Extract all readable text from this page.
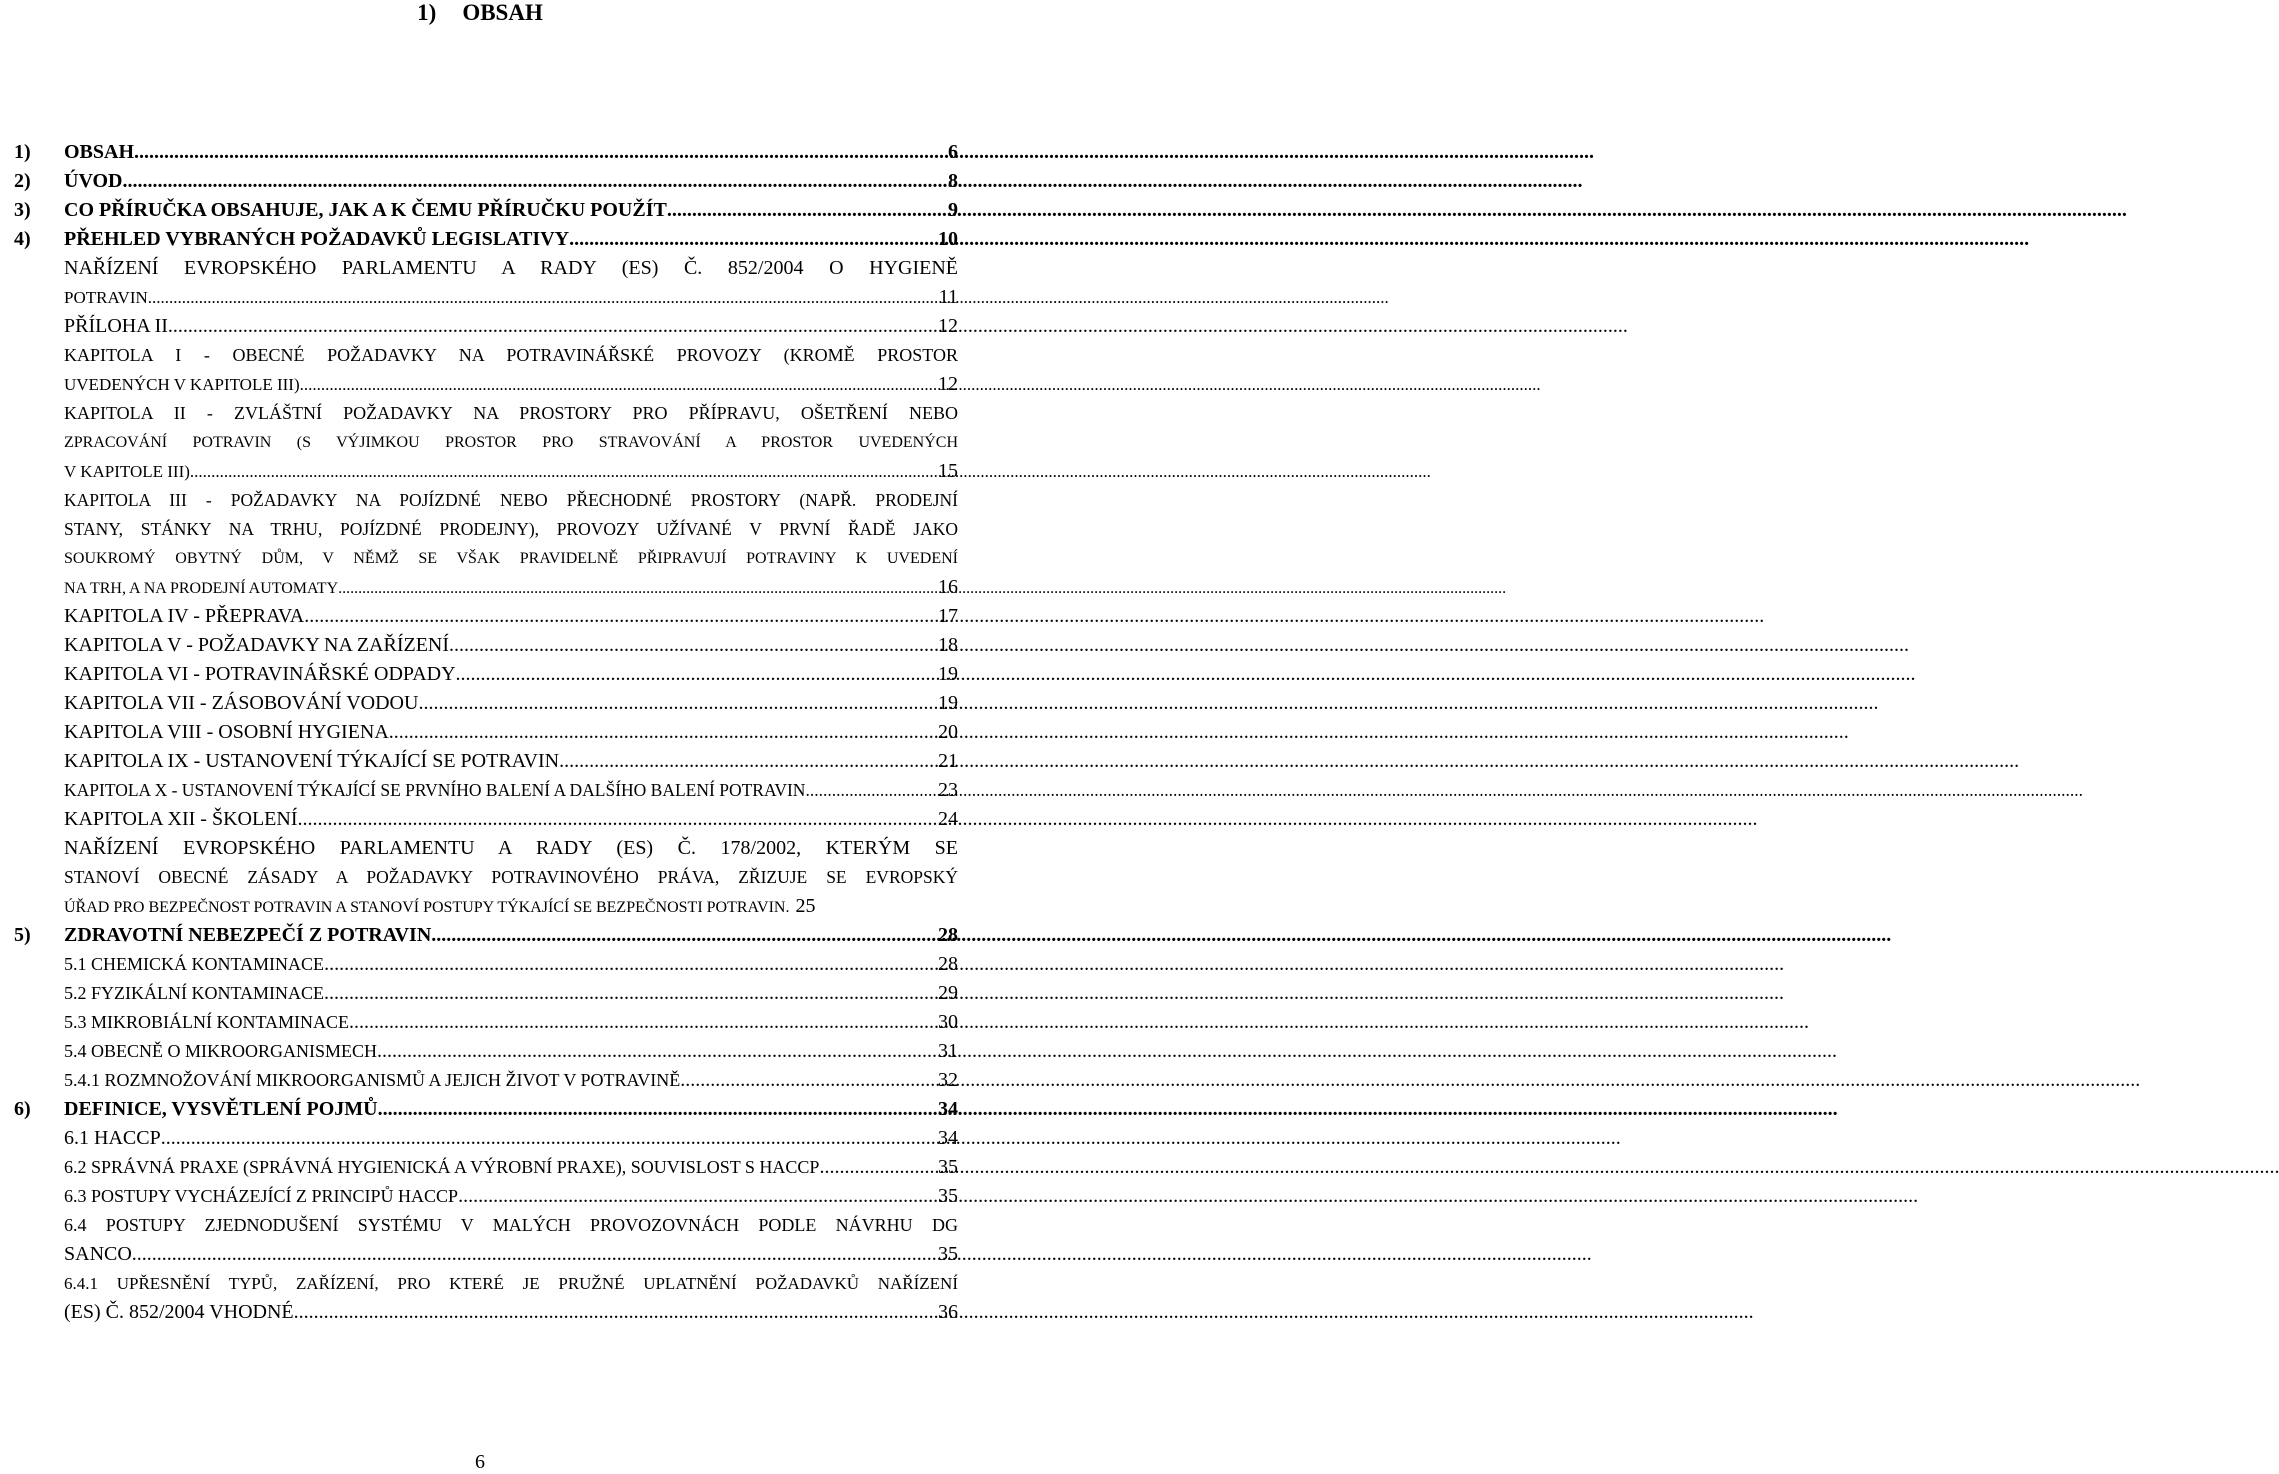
1) OBSAH
1)	OBSAH .....	6
2)	ÚVOD .....	8
3)	CO PŘÍRUČKA OBSAHUJE, JAK A K ČEMU PŘÍRUČKU POUŽÍT .....	9
4)	PŘEHLED VYBRANÝCH POŽADAVKŮ LEGISLATIVY .....	10
NAŘÍZENÍ EVROPSKÉHO PARLAMENTU A RADY (ES) Č. 852/2004 O HYGIENĚ
POTRAVIN .....	11
PŘÍLOHA II .....	12
KAPITOLA I - OBECNÉ POŽADAVKY NA POTRAVINÁŘSKÉ PROVOZY (KROMĚ PROSTOR
UVEDENÝCH V KAPITOLE III) .....	12
KAPITOLA II - ZVLÁŠTNÍ POŽADAVKY NA PROSTORY PRO PŘÍPRAVU, OŠETŘENÍ NEBO
ZPRACOVÁNÍ POTRAVIN (S VÝJIMKOU PROSTOR PRO STRAVOVÁNÍ A PROSTOR UVEDENÝCH
V KAPITOLE III) .....	15
KAPITOLA III - POŽADAVKY NA POJÍZDNÉ NEBO PŘECHODNÉ PROSTORY (NAPŘ. PRODEJNÍ
STANY, STÁNKY NA TRHU, POJÍZDNÉ PRODEJNY), PROVOZY UŽÍVANÉ V PRVNÍ ŘADĚ JAKO
SOUKROMÝ OBYTNÝ DŮM, V NĚMŽ SE VŠAK PRAVIDELNĚ PŘIPRAVUJÍ POTRAVINY K UVEDENÍ
NA TRH, A NA PRODEJNÍ AUTOMATY .....	16
KAPITOLA IV - PŘEPRAVA .....	17
KAPITOLA V - POŽADAVKY NA ZAŘÍZENÍ .....	18
KAPITOLA VI - POTRAVINÁŘSKÉ ODPADY .....	19
KAPITOLA VII - ZÁSOBOVÁNÍ VODOU .....	19
KAPITOLA VIII - OSOBNÍ HYGIENA .....	20
KAPITOLA IX - USTANOVENÍ TÝKAJÍCÍ SE POTRAVIN .....	21
KAPITOLA X - USTANOVENÍ TÝKAJÍCÍ SE PRVNÍHO BALENÍ A DALŠÍHO BALENÍ POTRAVIN .....	23
KAPITOLA XII - ŠKOLENÍ .....	24
NAŘÍZENÍ EVROPSKÉHO PARLAMENTU A RADY (ES) Č. 178/2002, KTERÝM SE
STANOVÍ OBECNÉ ZÁSADY A POŽADAVKY POTRAVINOVÉHO PRÁVA, ZŘIZUJE SE EVROPSKÝ
ÚŘAD PRO BEZPEČNOST POTRAVIN A STANOVÍ POSTUPY TÝKAJÍCÍ SE BEZPEČNOSTI POTRAVIN. 25
5)	ZDRAVOTNÍ NEBEZPEČÍ Z POTRAVIN .....	28
5.1 CHEMICKÁ KONTAMINACE .....	28
5.2 FYZIKÁLNÍ KONTAMINACE .....	29
5.3 MIKROBIÁLNÍ KONTAMINACE .....	30
5.4 OBECNĚ O MIKROORGANISMECH .....	31
5.4.1 ROZMNOŽOVÁNÍ MIKROORGANISMŮ A JEJICH ŽIVOT V POTRAVINĚ .....	32
6)	DEFINICE, VYSVĚTLENÍ POJMŮ .....	34
6.1 HACCP .....	34
6.2 SPRÁVNÁ PRAXE (SPRÁVNÁ HYGIENICKÁ A VÝROBNÍ PRAXE), SOUVISLOST S HACCP .....	35
6.3 POSTUPY VYCHÁZEJÍCÍ Z PRINCIPŮ HACCP .....	35
6.4 POSTUPY ZJEDNODUŠENÍ SYSTÉMU V MALÝCH PROVOZOVNÁCH PODLE NÁVRHU DG
SANCO .....	35
6.4.1 UPŘESNĚNÍ TYPŮ, ZAŘÍZENÍ, PRO KTERÉ JE PRUŽNÉ UPLATNĚNÍ POŽADAVKŮ NAŘÍZENÍ
(ES) Č. 852/2004 VHODNÉ .....	36
6
